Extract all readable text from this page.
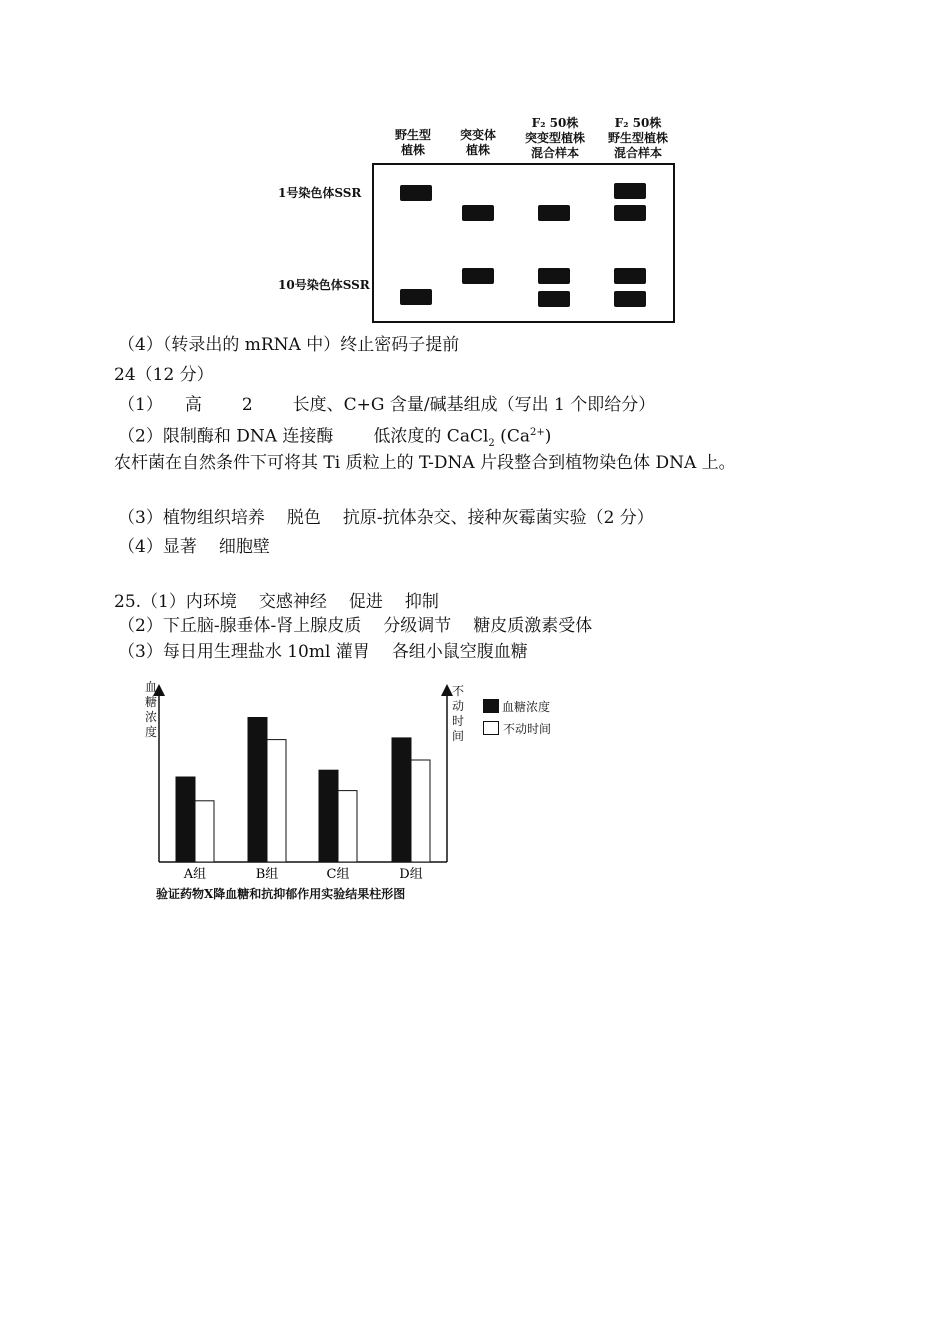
野生型
植株
突变体
植株
F₂ 50株
突变型植株
混合样本
F₂ 50株
野生型植株
混合样本
1号染色体SSR
10号染色体SSR
（4）（转录出的 mRNA 中）终止密码子提前
24（12 分）
（1） 高 2 长度、C+G 含量/碱基组成（写出 1 个即给分）
（2）限制酶和 DNA 连接酶 低浓度的 CaCl$_2$ $(Ca^{2+})$
农杆菌在自然条件下可将其 Ti 质粒上的 T-DNA 片段整合到植物染色体 DNA 上。
（3）植物组织培养 脱色 抗原-抗体杂交、接种灰霉菌实验（2 分）
（4）显著 细胞壁
25.（1）内环境 交感神经 促进 抑制
（2）下丘脑-腺垂体-肾上腺皮质 分级调节 糖皮质激素受体
（3）每日用生理盐水 10ml 灌胃 各组小鼠空腹血糖
血糖浓度
不动时间
A组	B组	C组	D组
血糖浓度
不动时间
验证药物X降血糖和抗抑郁作用实验结果柱形图
